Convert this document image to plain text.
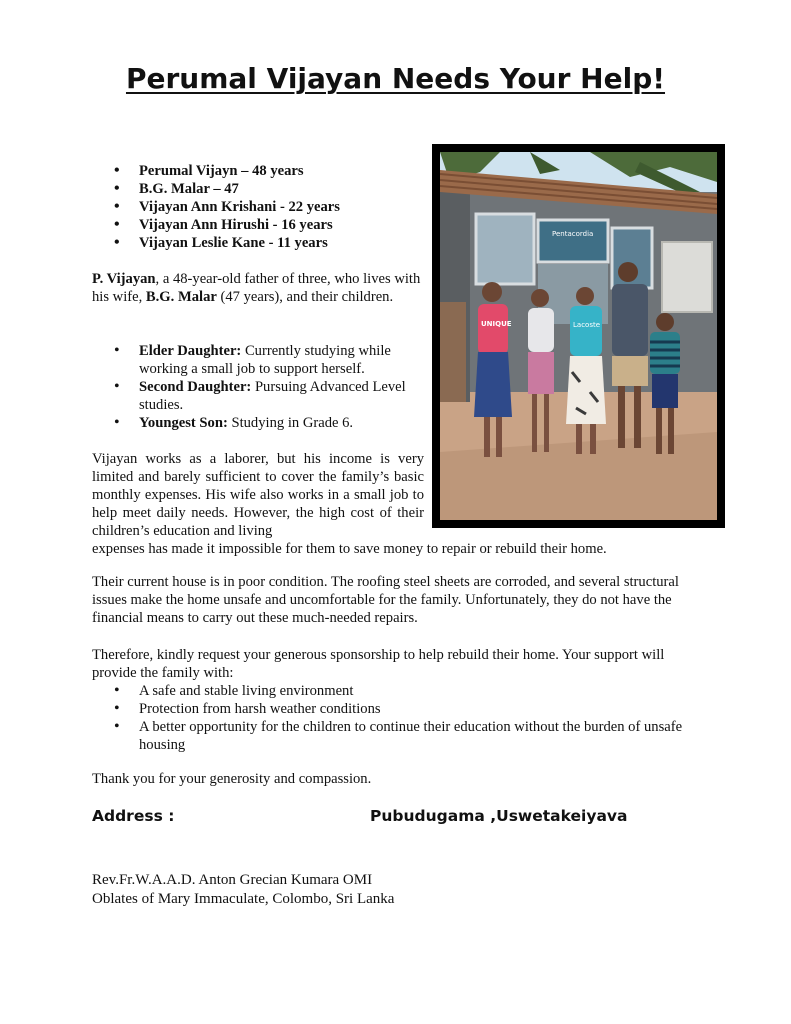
Perumal Vijayan Needs Your Help!
• Perumal Vijayn – 48 years
• B.G. Malar – 47
• Vijayan Ann Krishani - 22 years
• Vijayan Ann Hirushi - 16 years
• Vijayan Leslie Kane - 11 years

P. Vijayan, a 48-year-old father of three, who lives with his wife, B.G. Malar (47 years), and their children.

• Elder Daughter: Currently studying while working a small job to support herself.
• Second Daughter: Pursuing Advanced Level studies.
• Youngest Son: Studying in Grade 6.

Vijayan works as a laborer, but his income is very limited and barely sufficient to cover the family’s basic monthly expenses. His wife also works in a small job to help meet daily needs. However, the high cost of their children’s education and living

expenses has made it impossible for them to save money to repair or rebuild their home.

Their current house is in poor condition. The roofing steel sheets are corroded, and several structural issues make the home unsafe and uncomfortable for the family. Unfortunately, they do not have the financial means to carry out these much-needed repairs.

Therefore, kindly request your generous sponsorship to help rebuild their home. Your support will provide the family with:

• A safe and stable living environment
• Protection from harsh weather conditions
• A better opportunity for the children to continue their education without the burden of unsafe housing

Thank you for your generosity and compassion.

Address :	Pubudugama ,Uswetakeiyava
Rev.Fr.W.A.A.D. Anton Grecian Kumara OMI
Oblates of Mary Immaculate, Colombo, Sri Lanka
Pentacordia
UNIQUE	Lacoste
